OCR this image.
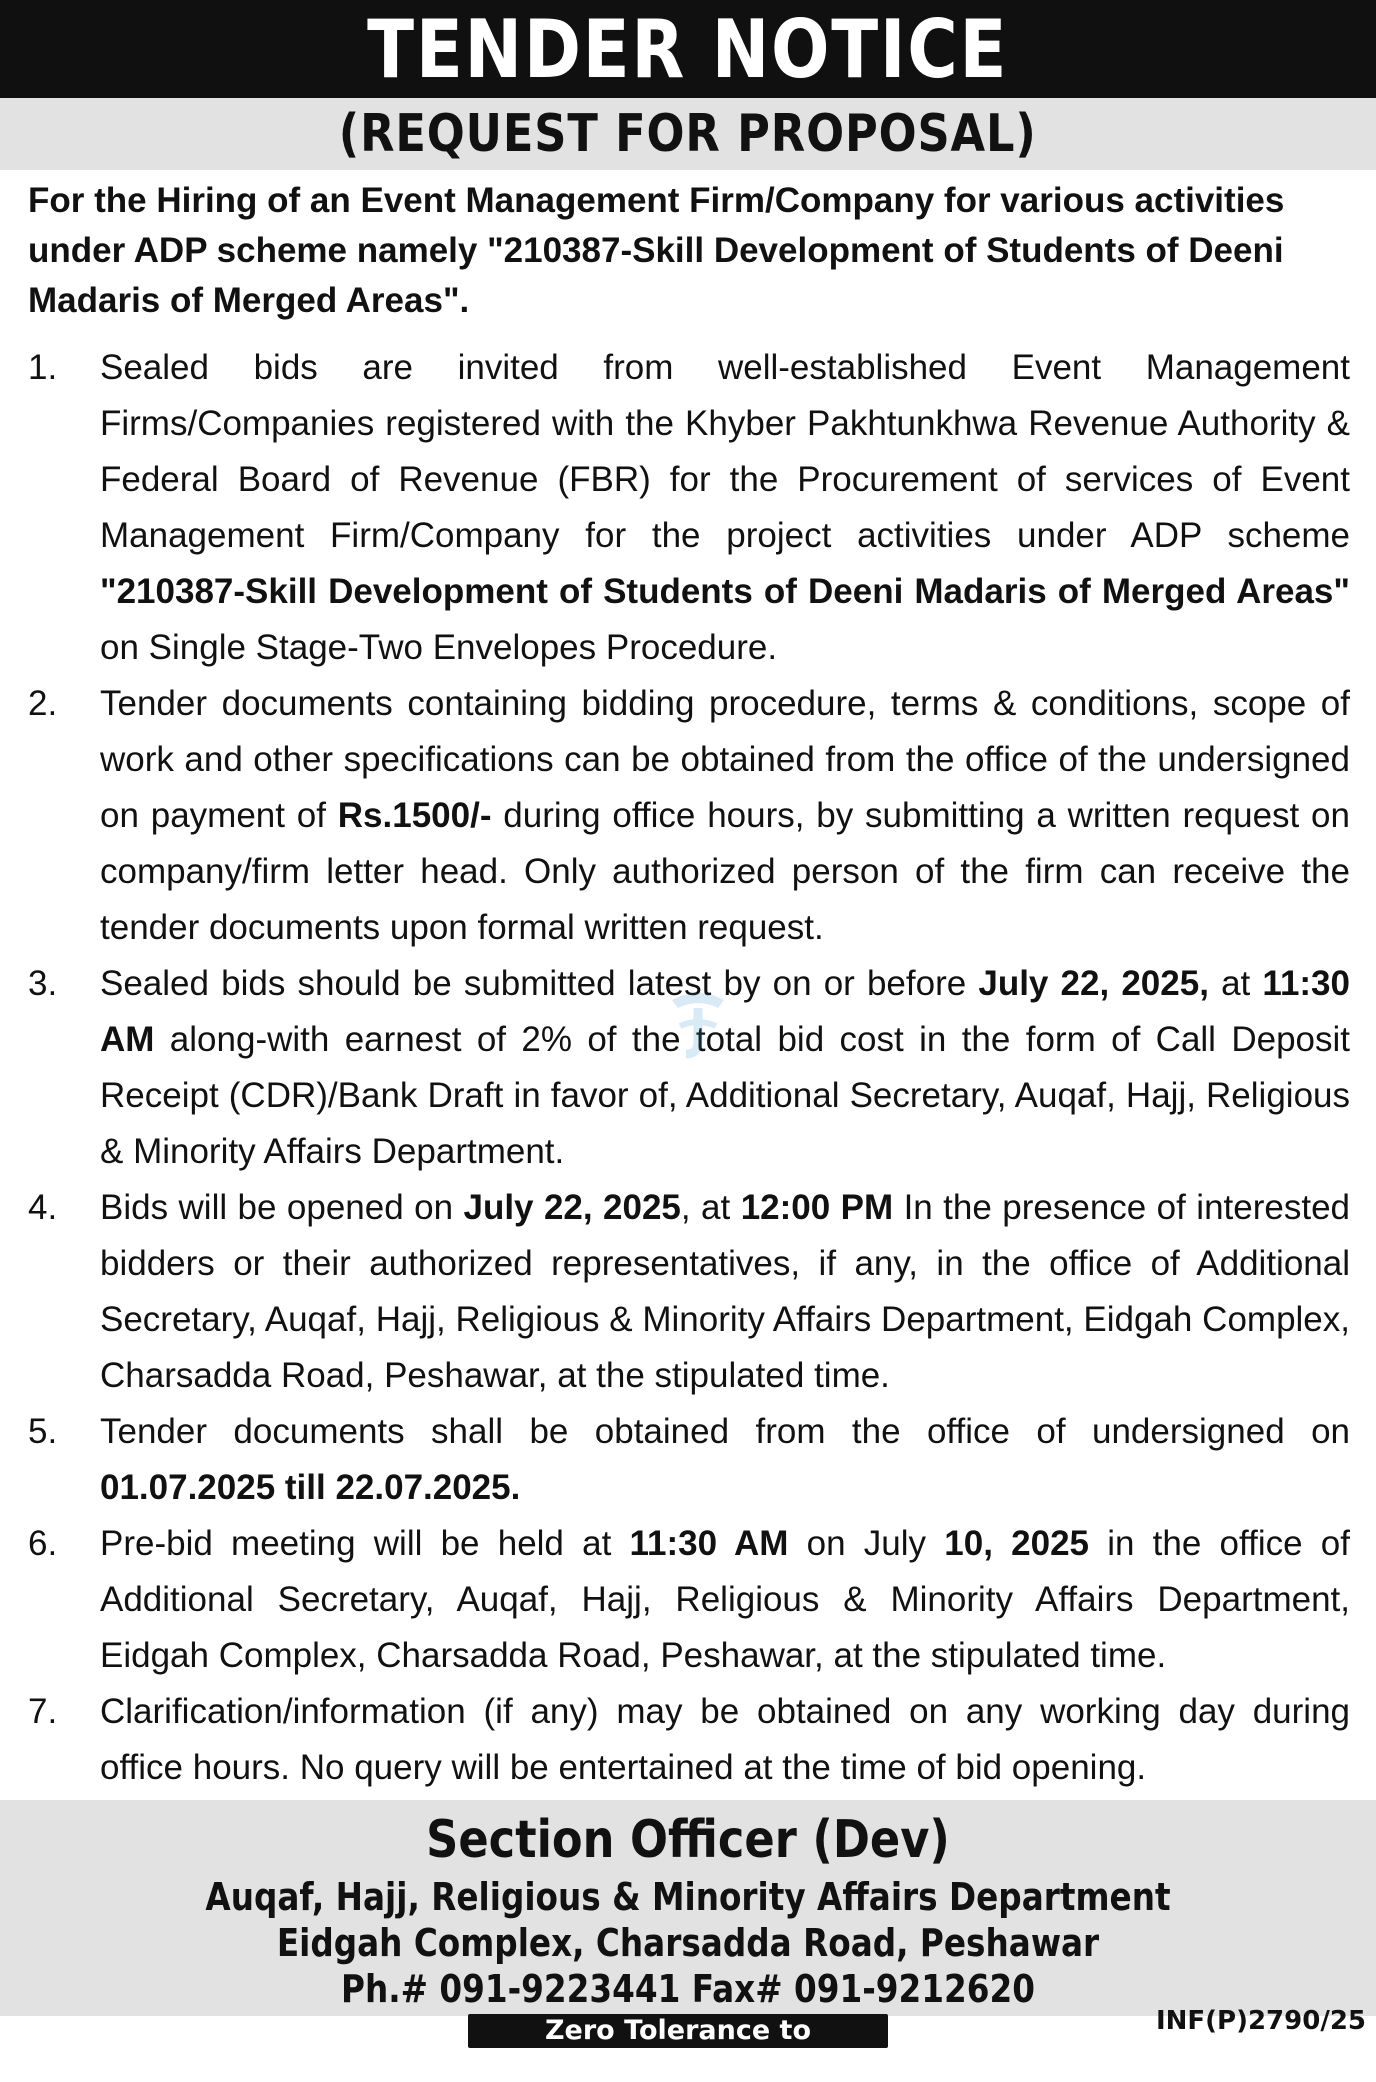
TENDER NOTICE
(REQUEST FOR PROPOSAL)
For the Hiring of an Event Management Firm/Company for various activities under ADP scheme namely "210387-Skill Development of Students of Deeni Madaris of Merged Areas".
1.	Sealed bids are invited from well-established Event Management Firms/Companies registered with the Khyber Pakhtunkhwa Revenue Authority & Federal Board of Revenue (FBR) for the Procurement of services of Event Management Firm/Company for the project activities under ADP scheme "210387-Skill Development of Students of Deeni Madaris of Merged Areas" on Single Stage-Two Envelopes Procedure.
2.	Tender documents containing bidding procedure, terms & conditions, scope of work and other specifications can be obtained from the office of the undersigned on payment of Rs.1500/- during office hours, by submitting a written request on company/firm letter head. Only authorized person of the firm can receive the tender documents upon formal written request.
3.	Sealed bids should be submitted latest by on or before July 22, 2025, at 11:30 AM along-with earnest of 2% of the total bid cost in the form of Call Deposit Receipt (CDR)/Bank Draft in favor of, Additional Secretary, Auqaf, Hajj, Religious & Minority Affairs Department.
4.	Bids will be opened on July 22, 2025, at 12:00 PM In the presence of interested bidders or their authorized representatives, if any, in the office of Additional Secretary, Auqaf, Hajj, Religious & Minority Affairs Department, Eidgah Complex, Charsadda Road, Peshawar, at the stipulated time.
5.	Tender documents shall be obtained from the office of undersigned on 01.07.2025 till 22.07.2025.
6.	Pre-bid meeting will be held at 11:30 AM on July 10, 2025 in the office of Additional Secretary, Auqaf, Hajj, Religious & Minority Affairs Department, Eidgah Complex, Charsadda Road, Peshawar, at the stipulated time.
7.	Clarification/information (if any) may be obtained on any working day during office hours. No query will be entertained at the time of bid opening.
Section Officer (Dev)
Auqaf, Hajj, Religious & Minority Affairs Department
Eidgah Complex, Charsadda Road, Peshawar
Ph.# 091-9223441 Fax# 091-9212620
Zero Tolerance to Corruption
INF(P)2790/25
